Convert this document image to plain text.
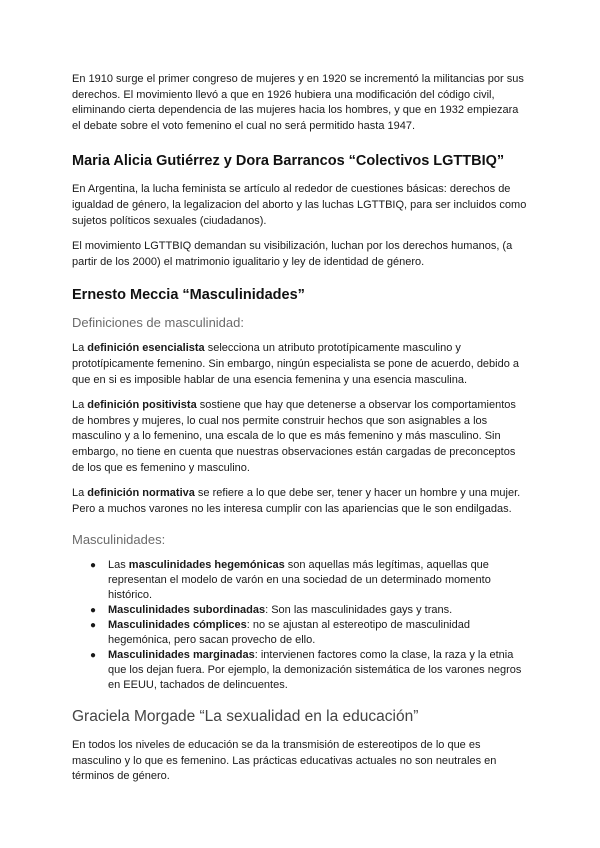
En 1910 surge el primer congreso de mujeres y en 1920 se incrementó la militancias por sus derechos. El movimiento llevó a que en 1926 hubiera una modificación del código civil, eliminando cierta dependencia de las mujeres hacia los hombres, y que en 1932 empiezara el debate sobre el voto femenino el cual no será permitido hasta 1947.

Maria Alicia Gutiérrez y Dora Barrancos “Colectivos LGTTBIQ”

En Argentina, la lucha feminista se artículo al rededor de cuestiones básicas: derechos de igualdad de género, la legalizacion del aborto y las luchas LGTTBIQ, para ser incluidos como sujetos políticos sexuales (ciudadanos).

El movimiento LGTTBIQ demandan su visibilización, luchan por los derechos humanos, (a partir de los 2000) el matrimonio igualitario y ley de identidad de género.

Ernesto Meccia “Masculinidades”

Definiciones de masculinidad:

La definición esencialista selecciona un atributo prototípicamente masculino y prototípicamente femenino. Sin embargo, ningún especialista se pone de acuerdo, debido a que en si es imposible hablar de una esencia femenina y una esencia masculina.

La definición positivista sostiene que hay que detenerse a observar los comportamientos de hombres y mujeres, lo cual nos permite construir hechos que son asignables a los masculino y a lo femenino, una escala de lo que es más femenino y más masculino. Sin embargo, no tiene en cuenta que nuestras observaciones están cargadas de preconceptos de los que es femenino y masculino.

La definición normativa se refiere a lo que debe ser, tener y hacer un hombre y una mujer. Pero a muchos varones no les interesa cumplir con las apariencias que le son endilgadas.

Masculinidades:

● Las masculinidades hegemónicas son aquellas más legítimas, aquellas que representan el modelo de varón en una sociedad de un determinado momento histórico.
● Masculinidades subordinadas: Son las masculinidades gays y trans.
● Masculinidades cómplices: no se ajustan al estereotipo de masculinidad hegemónica, pero sacan provecho de ello.
● Masculinidades marginadas: intervienen factores como la clase, la raza y la etnia que los dejan fuera. Por ejemplo, la demonización sistemática de los varones negros en EEUU, tachados de delincuentes.

Graciela Morgade “La sexualidad en la educación”

En todos los niveles de educación se da la transmisión de estereotipos de lo que es masculino y lo que es femenino. Las prácticas educativas actuales no son neutrales en términos de género.
